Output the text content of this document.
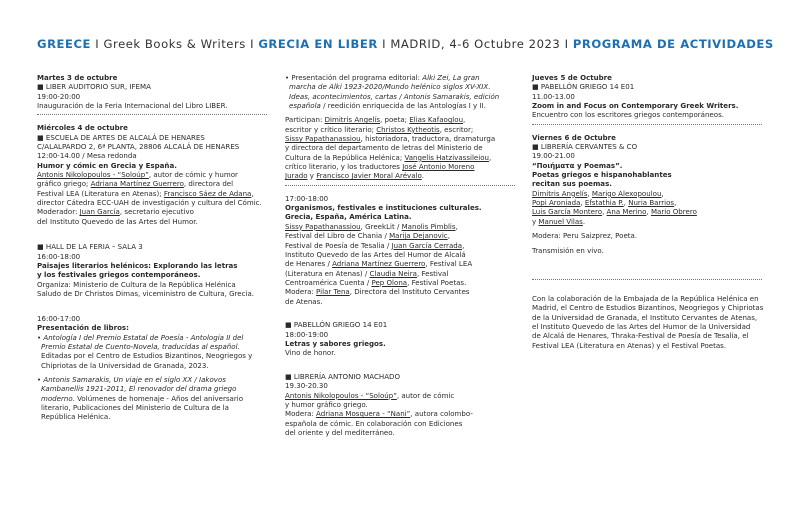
GREECE I Greek Books & Writers I GRECIA EN LIBER I MADRID, 4-6 Octubre 2023 I PROGRAMA DE ACTIVIDADES

Martes 3 de octubre

■ LIBER AUDITORIO SUR, IFEMA

19:00-20:00

Inauguración de la Feria Internacional del Libro LIBER.

Miércoles 4 de octubre

■ ESCUELA DE ARTES DE ALCALÁ DE HENARES

C/ALALPARDO 2, 6ª PLANTA, 28806 ALCALÁ DE HENARES

12:00-14.00 / Mesa redonda

Humor y cómic en Grecia y España.

Antonis Nikolopoulos - “Soloúp”, autor de cómic y humor

gráfico griego; Adriana Martínez Guerrero, directora del

Festival LEA (Literatura en Atenas); Francisco Sáez de Adana,

director Cátedra ECC-UAH de investigación y cultura del Cómic.

Moderador: Juan García, secretario ejecutivo

del Instituto Quevedo de las Artes del Humor.

■ HALL DE LA FERIA – SALA 3

16:00-18:00

Paisajes literarios helénicos: Explorando las letras

y los festivales griegos contemporáneos.

Organiza: Ministerio de Cultura de la República Helénica

Saludo de Dr Christos Dimas, viceministro de Cultura, Grecia.

16:00-17:00

Presentación de libros:

• Antología I del Premio Estatal de Poesía - Antología II del

Premio Estatal de Cuento-Novela, traducidas al español.

Editadas por el Centro de Estudios Bizantinos, Neogriegos y

Chipriotas de la Universidad de Granada, 2023.

• Antonis Samarakis, Un viaje en el siglo XX / Iakovos

Kambanellis 1921-2011, El renovador del drama griego

moderno. Volúmenes de homenaje - Años del aniversario

literario, Publicaciones del Ministerio de Cultura de la

República Helénica.

• Presentación del programa editorial: Alki Zei, La gran

marcha de Alki 1923-2020/Mundo helénico siglos XV-XIX.

Ideas, acontecimientos, cartas / Antonis Samarakis, edición

española / reedición enriquecida de las Antologías I y II.

Participan: Dimitris Angelís, poeta; Elias Kafaoglou,

escritor y crítico literario; Christos Kytheotis, escritor;

Sissy Papathanassiou, historiadora, traductora, dramaturga

y directora del departamento de letras del Ministerio de

Cultura de la República Helénica; Vangelis Hatzivassileiou,

crítico literario, y los traductores José Antonio Moreno

Jurado y Francisco Javier Moral Arévalo.

17:00-18:00

Organismos, festivales e instituciones culturales.

Grecia, España, América Latina.

Sissy Papathanassiou, GreekLit / Manolis Pimblis,

Festival del Libro de Chania / Marija Dejanovic,

Festival de Poesía de Tesalia / Juan García Cerrada,

Instituto Quevedo de las Artes del Humor de Alcalá

de Henares / Adriana Martínez Guerrero, Festival LEA

(Literatura en Atenas) / Claudia Neira, Festival

Centroamérica Cuenta / Pep Olona, Festival Poetas.

Modera: Pilar Tena, Directora del Instituto Cervantes

de Atenas.

■ PABELLÓN GRIEGO 14 E01

18:00-19:00

Letras y sabores griegos.

Vino de honor.

■ LIBRERÍA ANTONIO MACHADO

19.30-20.30

Antonis Nikolopoulos - “Soloúp”, autor de cómic

y humor gráfico griego.

Modera: Adriana Mosquera - “Nani”, autora colombo-

española de cómic. En colaboración con Ediciones

del oriente y del mediterráneo.

Jueves 5 de Octubre

■ PABELLÓN GRIEGO 14 E01

11.00-13.00

Zoom in and Focus on Contemporary Greek Writers.

Encuentro con los escritores griegos contemporáneos.

Viernes 6 de Octubre

■ LIBRERÍA CERVANTES & CO

19.00-21.00

“Ποιήματα y Poemas”.

Poetas griegos e hispanohablantes

recitan sus poemas.

Dimitris Angelís, Marigo Alexopoulou,

Popi Aroniada, Efstathia P., Nuria Barrios,

Luis García Montero, Ana Merino, Mario Obrero

y Manuel Vilas.

Modera: Peru Saizprez, Poeta.

Transmisión en vivo.

Con la colaboración de la Embajada de la República Helénica en

Madrid, el Centro de Estudios Bizantinos, Neogriegos y Chipriotas

de la Universidad de Granada, el Instituto Cervantes de Atenas,

el Instituto Quevedo de las Artes del Humor de la Universidad

de Alcalá de Henares, Thraka-Festival de Poesía de Tesalia, el

Festival LEA (Literatura en Atenas) y el Festival Poetas.
